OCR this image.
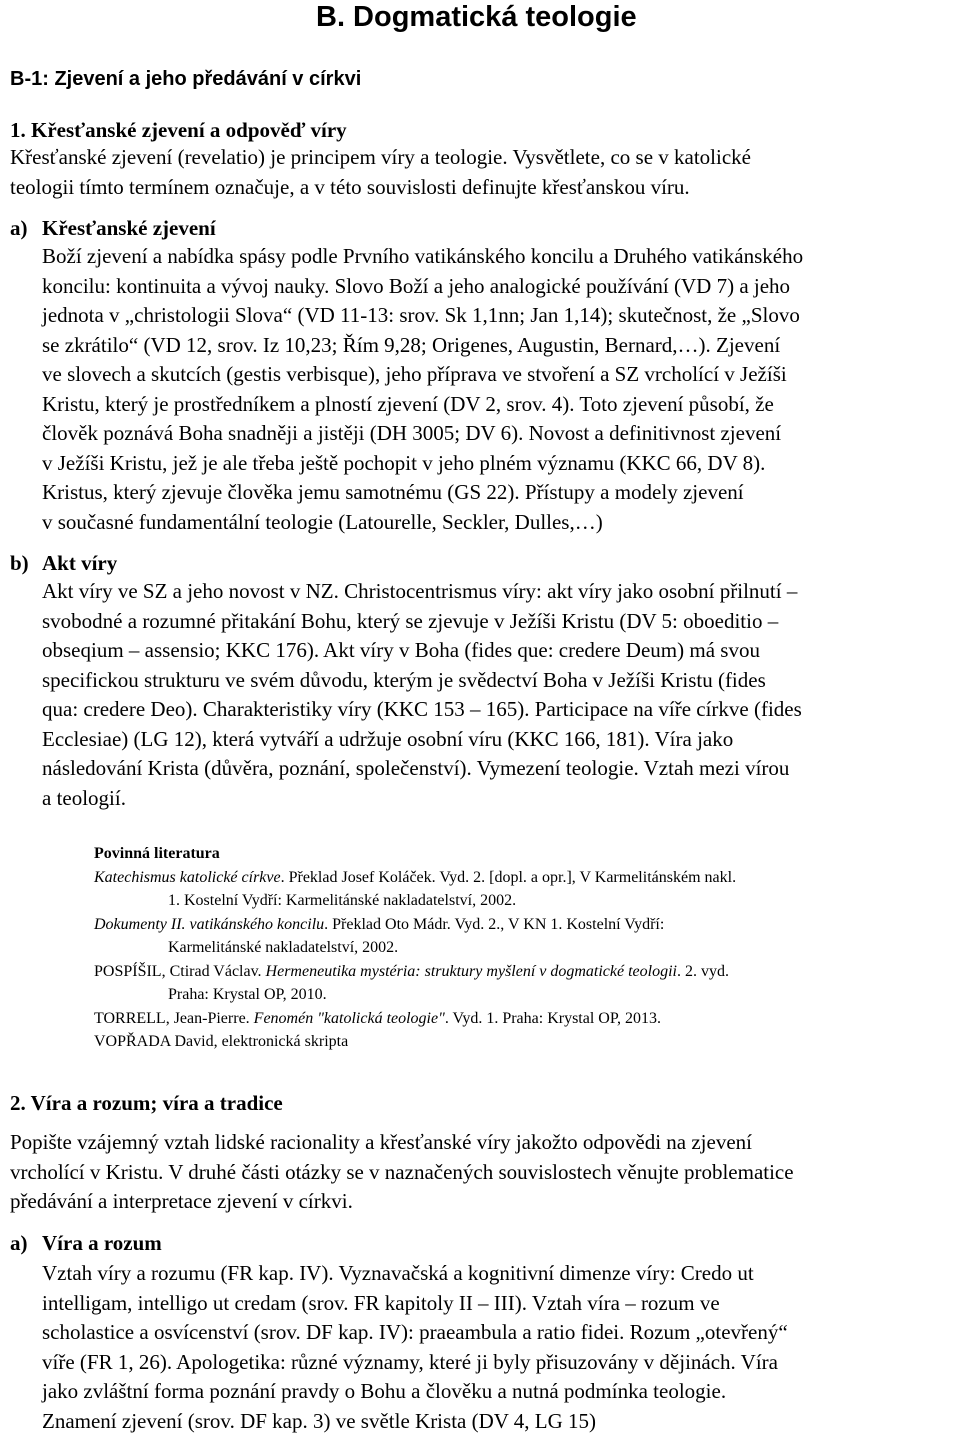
B. Dogmatická teologie
B-1: Zjevení a jeho předávání v církvi
1. Křesťanské zjevení a odpověď víry
Křesťanské zjevení (revelatio) je principem víry a teologie. Vysvětlete, co se v katolické
teologii tímto termínem označuje, a v této souvislosti definujte křesťanskou víru.
a) Křesťanské zjevení
Boží zjevení a nabídka spásy podle Prvního vatikánského koncilu a Druhého vatikánského
koncilu: kontinuita a vývoj nauky. Slovo Boží a jeho analogické používání (VD 7) a jeho
jednota v „christologii Slova“ (VD 11-13: srov. Sk 1,1nn; Jan 1,14); skutečnost, že „Slovo
se zkrátilo“ (VD 12, srov. Iz 10,23; Řím 9,28; Origenes, Augustin, Bernard,…). Zjevení
ve slovech a skutcích (gestis verbisque), jeho příprava ve stvoření a SZ vrcholící v Ježíši
Kristu, který je prostředníkem a plností zjevení (DV 2, srov. 4). Toto zjevení působí, že
člověk poznává Boha snadněji a jistěji (DH 3005; DV 6). Novost a definitivnost zjevení
v Ježíši Kristu, jež je ale třeba ještě pochopit v jeho plném významu (KKC 66, DV 8).
Kristus, který zjevuje člověka jemu samotnému (GS 22). Přístupy a modely zjevení
v současné fundamentální teologie (Latourelle, Seckler, Dulles,…)
b) Akt víry
Akt víry ve SZ a jeho novost v NZ. Christocentrismus víry: akt víry jako osobní přilnutí –
svobodné a rozumné přitakání Bohu, který se zjevuje v Ježíši Kristu (DV 5: oboeditio –
obseqium – assensio; KKC 176). Akt víry v Boha (fides que: credere Deum) má svou
specifickou strukturu ve svém důvodu, kterým je svědectví Boha v Ježíši Kristu (fides
qua: credere Deo). Charakteristiky víry (KKC 153 – 165). Participace na víře církve (fides
Ecclesiae) (LG 12), která vytváří a udržuje osobní víru (KKC 166, 181). Víra jako
následování Krista (důvěra, poznání, společenství). Vymezení teologie. Vztah mezi vírou
a teologií.
Povinná literatura
Katechismus katolické církve. Překlad Josef Koláček. Vyd. 2. [dopl. a opr.], V Karmelitánském nakl.
1. Kostelní Vydří: Karmelitánské nakladatelství, 2002.
Dokumenty II. vatikánského koncilu. Překlad Oto Mádr. Vyd. 2., V KN 1. Kostelní Vydří:
Karmelitánské nakladatelství, 2002.
POSPÍŠIL, Ctirad Václav. Hermeneutika mystéria: struktury myšlení v dogmatické teologii. 2. vyd.
Praha: Krystal OP, 2010.
TORRELL, Jean-Pierre. Fenomén "katolická teologie". Vyd. 1. Praha: Krystal OP, 2013.
VOPŘADA David, elektronická skripta
2. Víra a rozum; víra a tradice
Popište vzájemný vztah lidské racionality a křesťanské víry jakožto odpovědi na zjevení
vrcholící v Kristu. V druhé části otázky se v naznačených souvislostech věnujte problematice
předávání a interpretace zjevení v církvi.
a) Víra a rozum
Vztah víry a rozumu (FR kap. IV). Vyznavačská a kognitivní dimenze víry: Credo ut
intelligam, intelligo ut credam (srov. FR kapitoly II – III). Vztah víra – rozum ve
scholastice a osvícenství (srov. DF kap. IV): praeambula a ratio fidei. Rozum „otevřený“
víře (FR 1, 26). Apologetika: různé významy, které ji byly přisuzovány v dějinách. Víra
jako zvláštní forma poznání pravdy o Bohu a člověku a nutná podmínka teologie.
Znamení zjevení (srov. DF kap. 3) ve světle Krista (DV 4, LG 15)
